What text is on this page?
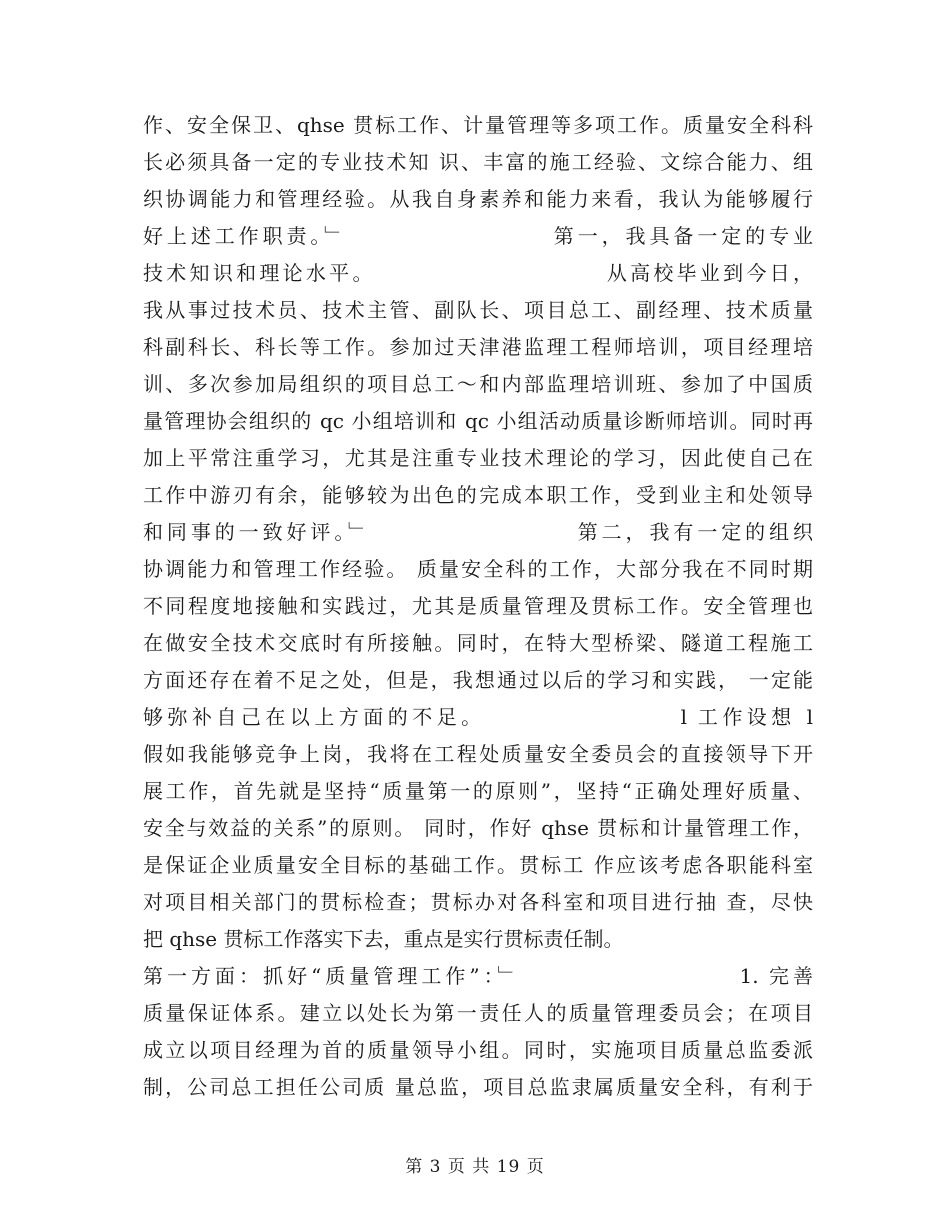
作、安全保卫、qhse 贯标工作、计量管理等多项工作。质量安全科科
长必须具备一定的专业技术知 识、丰富的施工经验、文综合能力、组
织协调能力和管理经验。从我自身素养和能力来看，我认为能够履行
好上述工作职责。﹂                    第一，我具备一定的专业
技术知识和理论水平。                        从高校毕业到今日，
我从事过技术员、技术主管、副队长、项目总工、副经理、技术质量
科副科长、科长等工作。参加过天津港监理工程师培训，项目经理培
训、多次参加局组织的项目总工～和内部监理培训班、参加了中国质
量管理协会组织的 qc 小组培训和 qc 小组活动质量诊断师培训。同时再
加上平常注重学习，尤其是注重专业技术理论的学习，因此使自己在
工作中游刃有余，能够较为出色的完成本职工作，受到业主和处领导
和同事的一致好评。﹂                    第二，我有一定的组织
协调能力和管理工作经验。 质量安全科的工作，大部分我在不同时期
不同程度地接触和实践过，尤其是质量管理及贯标工作。安全管理也
在做安全技术交底时有所接触。同时，在特大型桥梁、隧道工程施工
方面还存在着不足之处，但是，我想通过以后的学习和实践， 一定能
够弥补自己在以上方面的不足。                  l 工作设想 l
假如我能够竞争上岗，我将在工程处质量安全委员会的直接领导下开
展工作，首先就是坚持“质量第一的原则”，坚持“正确处理好质量、
安全与效益的关系”的原则。 同时，作好 qhse 贯标和计量管理工作，
是保证企业质量安全目标的基础工作。贯标工 作应该考虑各职能科室
对项目相关部门的贯标检查；贯标办对各科室和项目进行抽 查，尽快
把 qhse 贯标工作落实下去，重点是实行贯标责任制。
第一方面：抓好“质量管理工作”：﹂                     1. 完善
质量保证体系。建立以处长为第一责任人的质量管理委员会；在项目
成立以项目经理为首的质量领导小组。同时，实施项目质量总监委派
制，公司总工担任公司质 量总监，项目总监隶属质量安全科，有利于
第 3 页 共 19 页
